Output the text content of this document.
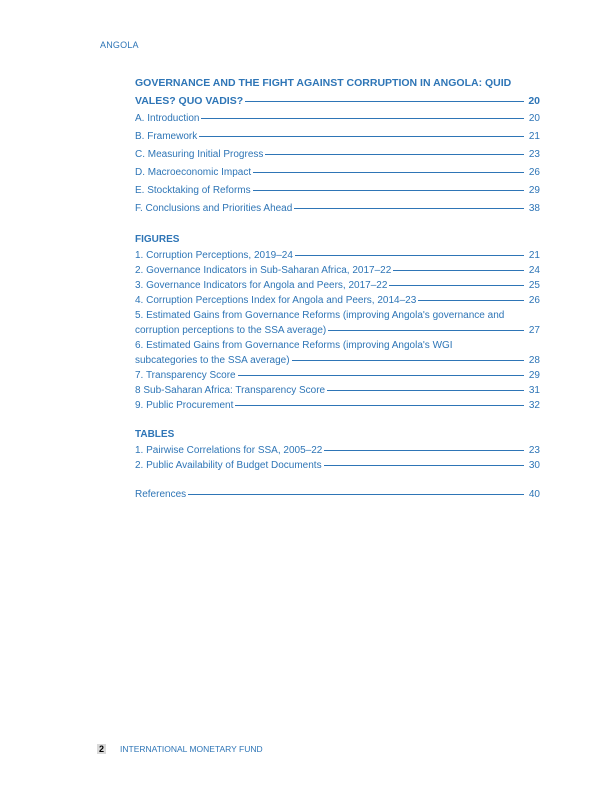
ANGOLA
GOVERNANCE AND THE FIGHT AGAINST CORRUPTION IN ANGOLA: QUID
VALES? QUO VADIS?	20
A. Introduction	20
B. Framework	21
C. Measuring Initial Progress	23
D. Macroeconomic Impact	26
E. Stocktaking of Reforms	29
F. Conclusions and Priorities Ahead	38
FIGURES
1. Corruption Perceptions, 2019–24	21
2. Governance Indicators in Sub-Saharan Africa, 2017–22	24
3. Governance Indicators for Angola and Peers, 2017–22	25
4. Corruption Perceptions Index for Angola and Peers, 2014–23	26
5. Estimated Gains from Governance Reforms (improving Angola's governance and
corruption perceptions to the SSA average)	27
6. Estimated Gains from Governance Reforms (improving Angola's WGI
subcategories to the SSA average)	28
7. Transparency Score	29
8 Sub-Saharan Africa: Transparency Score	31
9. Public Procurement	32
TABLES
1. Pairwise Correlations for SSA, 2005–22	23
2. Public Availability of Budget Documents	30
References	40
2 INTERNATIONAL MONETARY FUND
